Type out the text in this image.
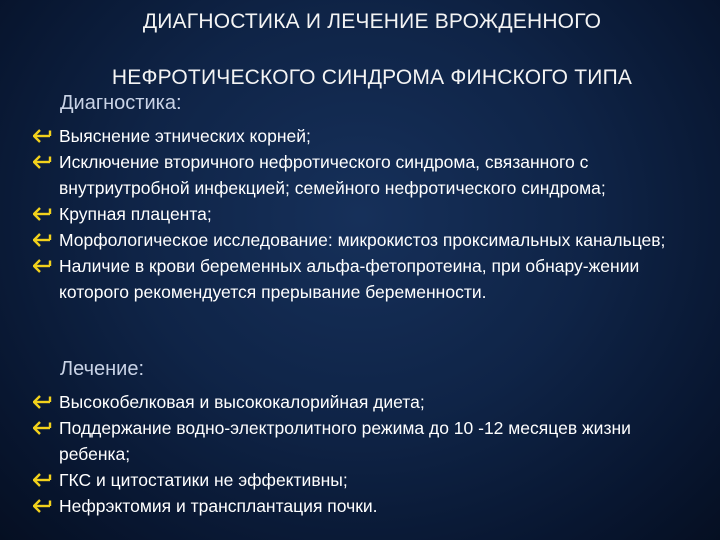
ДИАГНОСТИКА И ЛЕЧЕНИЕ ВРОЖДЕННОГО
НЕФРОТИЧЕСКОГО СИНДРОМА ФИНСКОГО ТИПА
Диагностика:
Выяснение этнических корней;
Исключение вторичного нефротического синдрома, связанного с внутриутробной инфекцией; семейного нефротического синдрома;
Крупная плацента;
Морфологическое исследование: микрокистоз проксимальных канальцев;
Наличие в крови беременных альфа-фетопротеина, при обнару-жении которого рекомендуется прерывание беременности.
Лечение:
Высокобелковая и высококалорийная диета;
Поддержание водно-электролитного режима до 10 -12 месяцев жизни ребенка;
ГКС и цитостатики не эффективны;
Нефрэктомия и трансплантация почки.
